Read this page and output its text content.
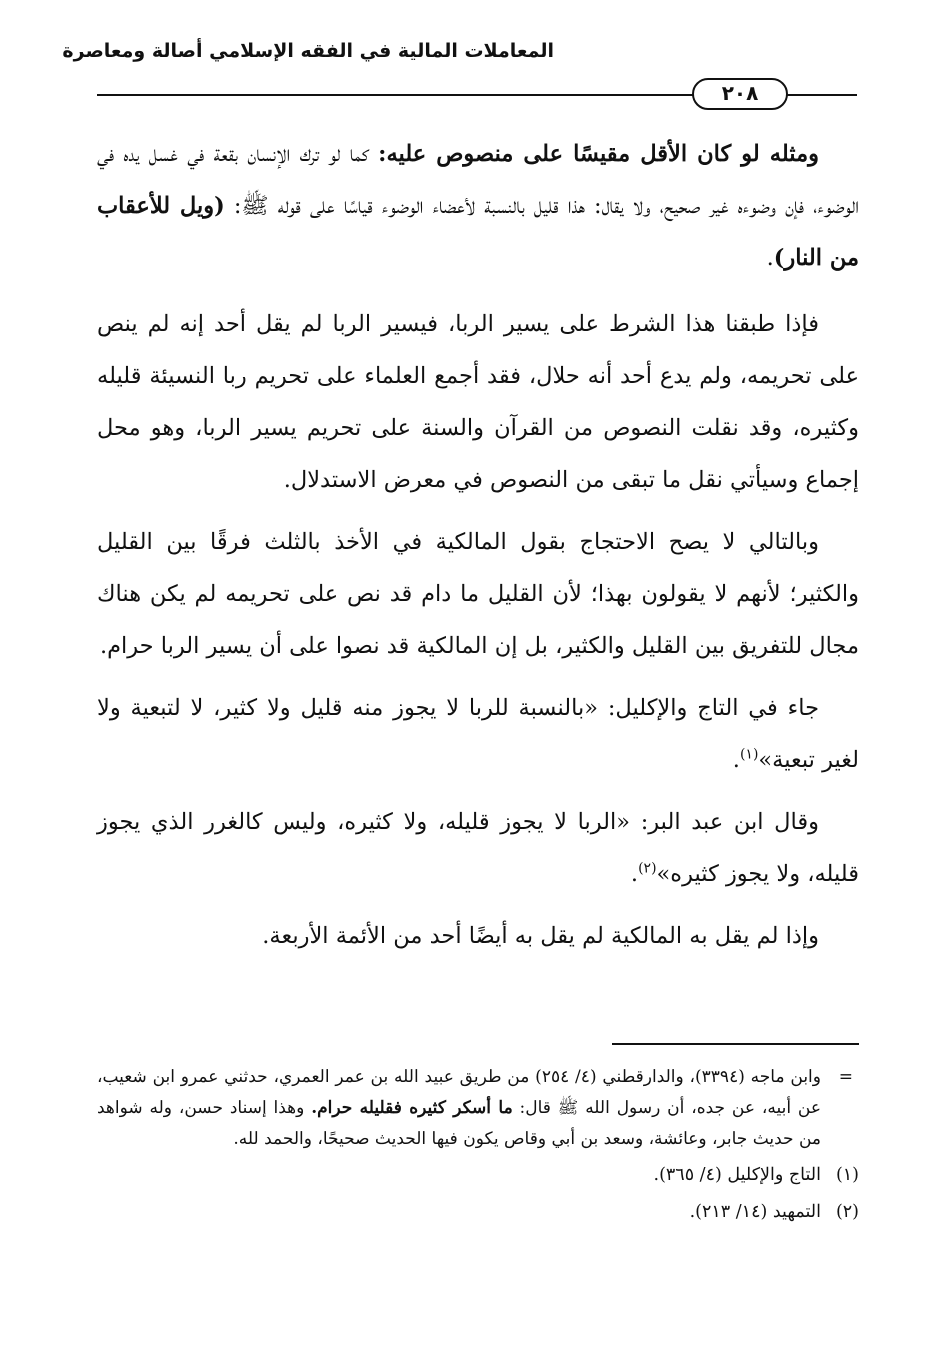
المعاملات المالية في الفقه الإسلامي أصالة ومعاصرة
٢٠٨

ومثله لو كان الأقل مقيسًا على منصوص عليه: كما لو ترك الإنسان بقعة في غسل يده في الوضوء، فإن وضوءه غير صحيح، ولا يقال: هذا قليل بالنسبة لأعضاء الوضوء قياسًا على قوله ﷺ: (ويل للأعقاب من النار).

فإذا طبقنا هذا الشرط على يسير الربا، فيسير الربا لم يقل أحد إنه لم ينص على تحريمه، ولم يدع أحد أنه حلال، فقد أجمع العلماء على تحريم ربا النسيئة قليله وكثيره، وقد نقلت النصوص من القرآن والسنة على تحريم يسير الربا، وهو محل إجماع وسيأتي نقل ما تبقى من النصوص في معرض الاستدلال.

وبالتالي لا يصح الاحتجاج بقول المالكية في الأخذ بالثلث فرقًا بين القليل والكثير؛ لأنهم لا يقولون بهذا؛ لأن القليل ما دام قد نص على تحريمه لم يكن هناك مجال للتفريق بين القليل والكثير، بل إن المالكية قد نصوا على أن يسير الربا حرام.

جاء في التاج والإكليل: «بالنسبة للربا لا يجوز منه قليل ولا كثير، لا لتبعية ولا لغير تبعية»$^{(١)}$.

وقال ابن عبد البر: «الربا لا يجوز قليله، ولا كثيره، وليس كالغرر الذي يجوز قليله، ولا يجوز كثيره»$^{(٢)}$.

وإذا لم يقل به المالكية لم يقل به أيضًا أحد من الأئمة الأربعة.

=
وابن ماجه (٣٣٩٤)، والدارقطني (٤/ ٢٥٤) من طريق عبيد الله بن عمر العمري، حدثني عمرو ابن شعيب، عن أبيه، عن جده، أن رسول الله ﷺ قال: ما أسكر كثيره فقليله حرام. وهذا إسناد حسن، وله شواهد من حديث جابر، وعائشة، وسعد بن أبي وقاص يكون فيها الحديث صحيحًا، والحمد لله.

(١)
التاج والإكليل (٤/ ٣٦٥).

(٢)
التمهيد (١٤/ ٢١٣).
